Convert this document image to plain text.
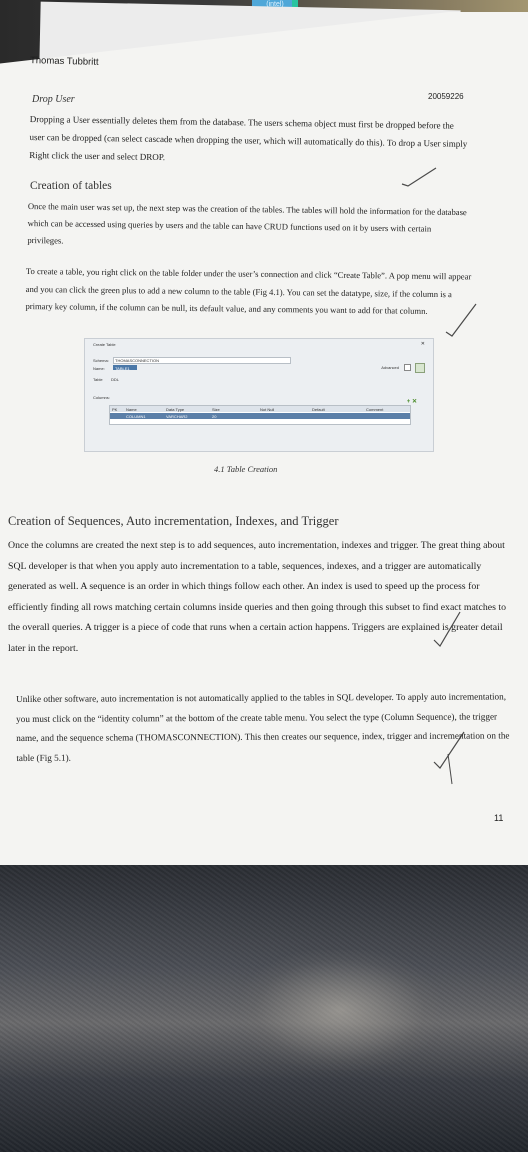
(intel)
Thomas Tubbritt
20059226
Drop User
Dropping a User essentially deletes them from the database. The users schema object must first be dropped before the user can be dropped (can select cascade when dropping the user, which will automatically do this). To drop a User simply Right click the user and select DROP.
Creation of tables
Once the main user was set up, the next step was the creation of the tables. The tables will hold the information for the database which can be accessed using queries by users and the table can have CRUD functions used on it by users with certain privileges.
To create a table, you right click on the table folder under the user’s connection and click “Create Table”. A pop menu will appear and you can click the green plus to add a new column to the table (Fig 4.1). You can set the datatype, size, if the column is a primary key column, if the column can be null, its default value, and any comments you want to add for that column.
Create Table	✕
Schema: THOMASCONNECTION
Name:	TABLE1
Table DDL
Columns:
Advanced
+ ✕
PK Name	Data Type	Size	Not Null	Default	Comment
COLUMN1	VARCHAR2	20
4.1 Table Creation
Creation of Sequences, Auto incrementation, Indexes, and Trigger
Once the columns are created the next step is to add sequences, auto incrementation, indexes and trigger. The great thing about SQL developer is that when you apply auto incrementation to a table, sequences, indexes, and a trigger are automatically generated as well. A sequence is an order in which things follow each other. An index is used to speed up the process for efficiently finding all rows matching certain columns inside queries and then going through this subset to find exact matches to the overall queries. A trigger is a piece of code that runs when a certain action happens. Triggers are explained is greater detail later in the report.
Unlike other software, auto incrementation is not automatically applied to the tables in SQL developer. To apply auto incrementation, you must click on the “identity column” at the bottom of the create table menu. You select the type (Column Sequence), the trigger name, and the sequence schema (THOMASCONNECTION). This then creates our sequence, index, trigger and incrementation on the table (Fig 5.1).
11
